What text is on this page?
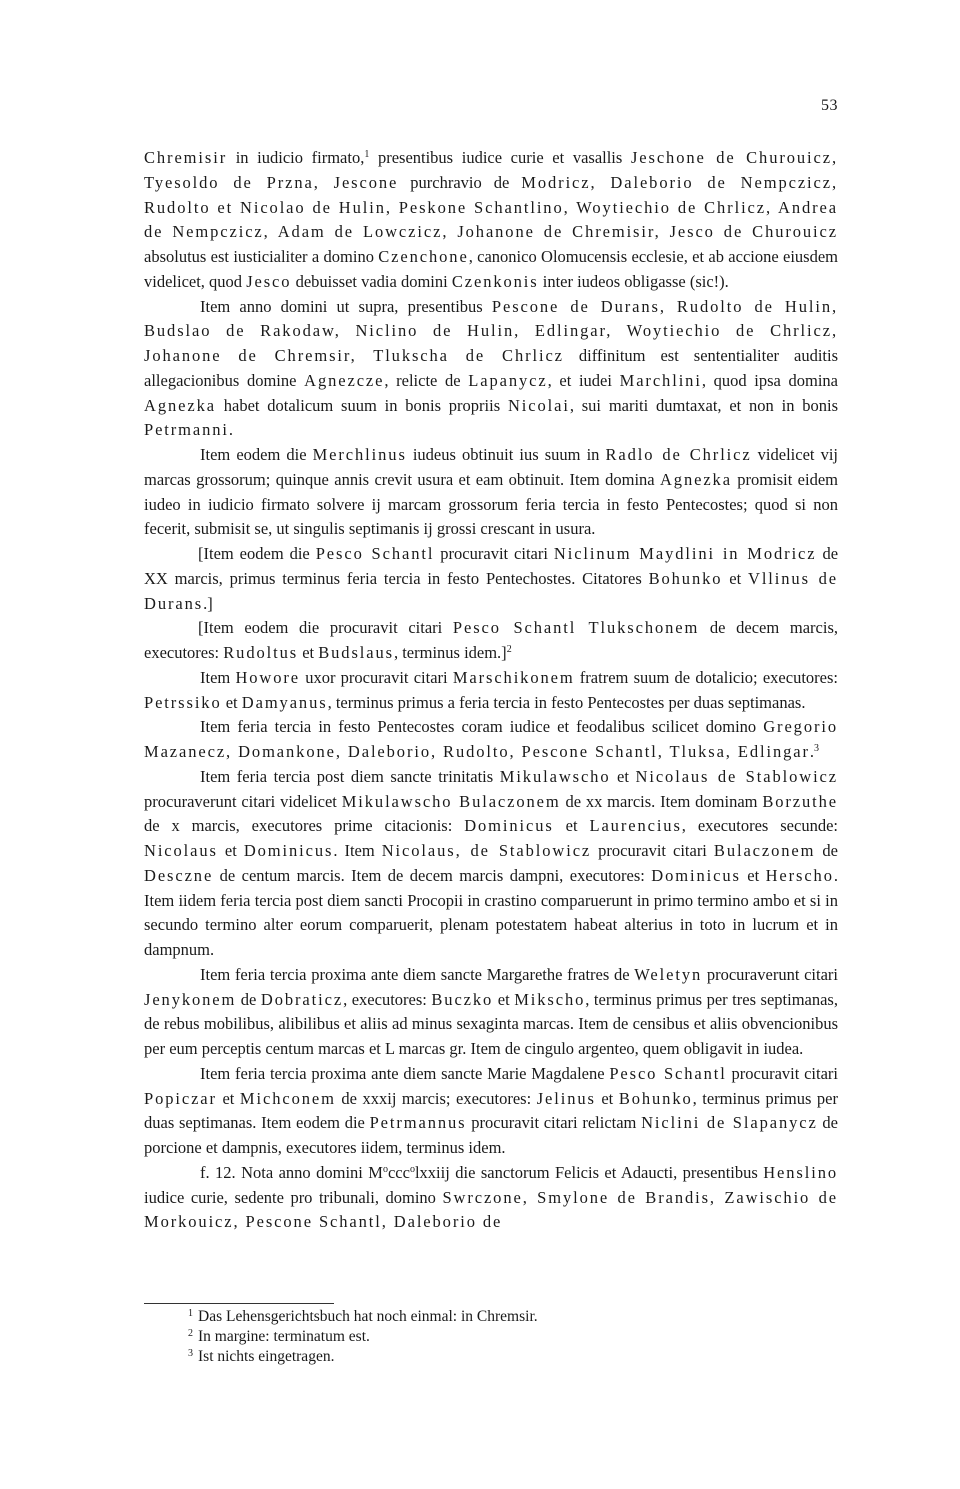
53

Chremisir in iudicio firmato,$^1$ presentibus iudice curie et vasallis Jeschone de Churouicz, Tyesoldo de Przna, Jescone purchravio de Modricz, Daleborio de Nempczicz, Rudolto et Nicolao de Hulin, Peskone Schantlino, Woytiechio de Chrlicz, Andrea de Nempczicz, Adam de Lowczicz, Johanone de Chremisir, Jesco de Churouicz absolutus est iusticialiter a domino Czenchone, canonico Olomucensis ecclesie, et ab accione eiusdem videlicet, quod Jesco debuisset vadia domini Czenkonis inter iudeos obligasse (sic!).

Item anno domini ut supra, presentibus Pescone de Durans, Rudolto de Hulin, Budslao de Rakodaw, Niclino de Hulin, Edlingar, Woytiechio de Chrlicz, Johanone de Chremsir, Tlukscha de Chrlicz diffinitum est sententialiter auditis allegacionibus domine Agnezcze, relicte de Lapanycz, et iudei Marchlini, quod ipsa domina Agnezka habet dotalicum suum in bonis propriis Nicolai, sui mariti dumtaxat, et non in bonis Petrmanni.

Item eodem die Merchlinus iudeus obtinuit ius suum in Radlo de Chrlicz videlicet vij marcas grossorum; quinque annis crevit usura et eam obtinuit. Item domina Agnezka promisit eidem iudeo in iudicio firmato solvere ij marcam grossorum feria tercia in festo Pentecostes; quod si non fecerit, submisit se, ut singulis septimanis ij grossi crescant in usura.

[Item eodem die Pesco Schantl procuravit citari Niclinum Maydlini in Modricz de XX marcis, primus terminus feria tercia in festo Pentechostes. Citatores Bohunko et Vllinus de Durans.]

[Item eodem die procuravit citari Pesco Schantl Tlukschonem de decem marcis, executores: Rudoltus et Budslaus, terminus idem.]$^2$

Item Howore uxor procuravit citari Marschikonem fratrem suum de dotalicio; executores: Petrssiko et Damyanus, terminus primus a feria tercia in festo Pentecostes per duas septimanas.

Item feria tercia in festo Pentecostes coram iudice et feodalibus scilicet domino Gregorio Mazanecz, Domankone, Daleborio, Rudolto, Pescone Schantl, Tluksa, Edlingar.$^3$

Item feria tercia post diem sancte trinitatis Mikulawscho et Nicolaus de Stablowicz procuraverunt citari videlicet Mikulawscho Bulaczonem de xx marcis. Item dominam Borzuthe de x marcis, executores prime citacionis: Dominicus et Laurencius, executores secunde: Nicolaus et Dominicus. Item Nicolaus, de Stablowicz procuravit citari Bulaczonem de Desczne de centum marcis. Item de decem marcis dampni, executores: Dominicus et Herscho. Item iidem feria tercia post diem sancti Procopii in crastino comparuerunt in primo termino ambo et si in secundo termino alter eorum comparuerit, plenam potestatem habeat alterius in toto in lucrum et in dampnum.

Item feria tercia proxima ante diem sancte Margarethe fratres de Weletyn procuraverunt citari Jenykonem de Dobraticz, executores: Buczko et Mikscho, terminus primus per tres septimanas, de rebus mobilibus, alibilibus et aliis ad minus sexaginta marcas. Item de censibus et aliis obvencionibus per eum perceptis centum marcas et L marcas gr. Item de cingulo argenteo, quem obligavit in iudea.

Item feria tercia proxima ante diem sancte Marie Magdalene Pesco Schantl procuravit citari Popiczar et Michconem de xxxij marcis; executores: Jelinus et Bohunko, terminus primus per duas septimanas. Item eodem die Petrmannus procuravit citari relictam Niclini de Slapanycz de porcione et dampnis, executores iidem, terminus idem.

f. 12. Nota anno domini $M^occc^olxxiij$ die sanctorum Felicis et Adaucti, presentibus Henslino iudice curie, sedente pro tribunali, domino Swrczone, Smylone de Brandis, Zawischio de Morkouicz, Pescone Schantl, Daleborio de

$^1$ Das Lehensgerichtsbuch hat noch einmal: in Chremsir.

$^2$ In margine: terminatum est.

$^3$ Ist nichts eingetragen.
